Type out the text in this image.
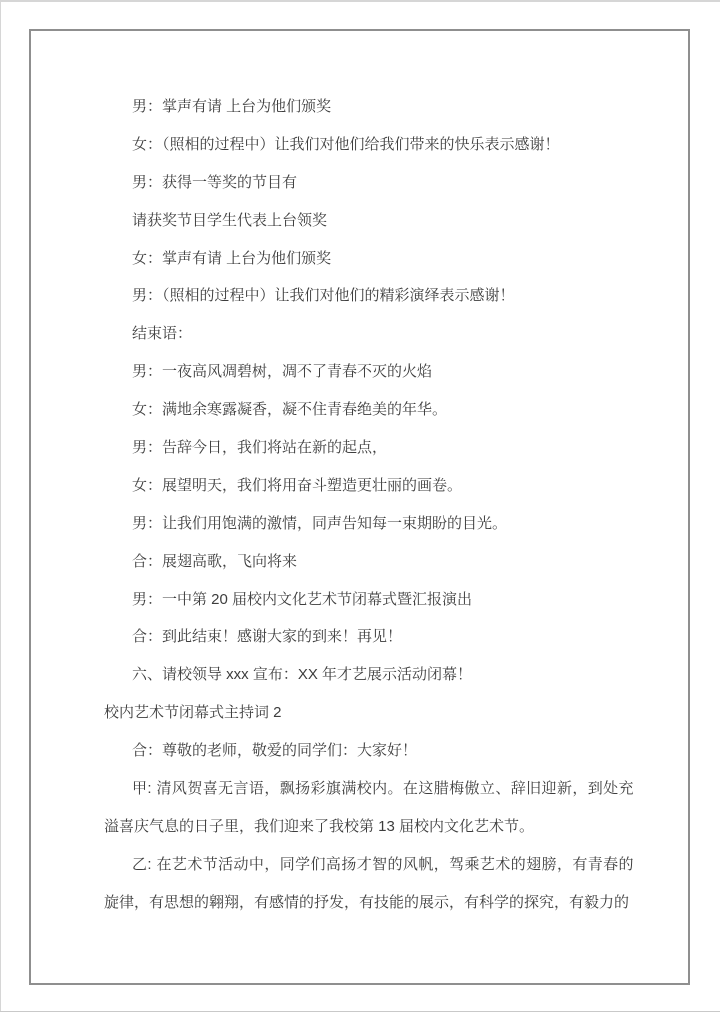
男：掌声有请 上台为他们颁奖
女：（照相的过程中）让我们对他们给我们带来的快乐表示感谢！
男：获得一等奖的节目有
请获奖节目学生代表上台领奖
女：掌声有请 上台为他们颁奖
男：（照相的过程中）让我们对他们的精彩演绎表示感谢！
结束语：
男：一夜高风凋碧树，凋不了青春不灭的火焰
女：满地余寒露凝香，凝不住青春绝美的年华。
男：告辞今日，我们将站在新的起点，
女：展望明天，我们将用奋斗塑造更壮丽的画卷。
男：让我们用饱满的激情，同声告知每一束期盼的目光。
合：展翅高歌，飞向将来
男：一中第 20 届校内文化艺术节闭幕式暨汇报演出
合：到此结束！感谢大家的到来！再见！
六、请校领导 xxx 宣布：XX 年才艺展示活动闭幕！
校内艺术节闭幕式主持词 2
合：尊敬的老师，敬爱的同学们：大家好！
甲: 清风贺喜无言语，飘扬彩旗满校内。在这腊梅傲立、辞旧迎新，到处充
溢喜庆气息的日子里，我们迎来了我校第 13 届校内文化艺术节。
乙: 在艺术节活动中，同学们高扬才智的风帆，驾乘艺术的翅膀，有青春的
旋律，有思想的翱翔，有感情的抒发，有技能的展示，有科学的探究，有毅力的
